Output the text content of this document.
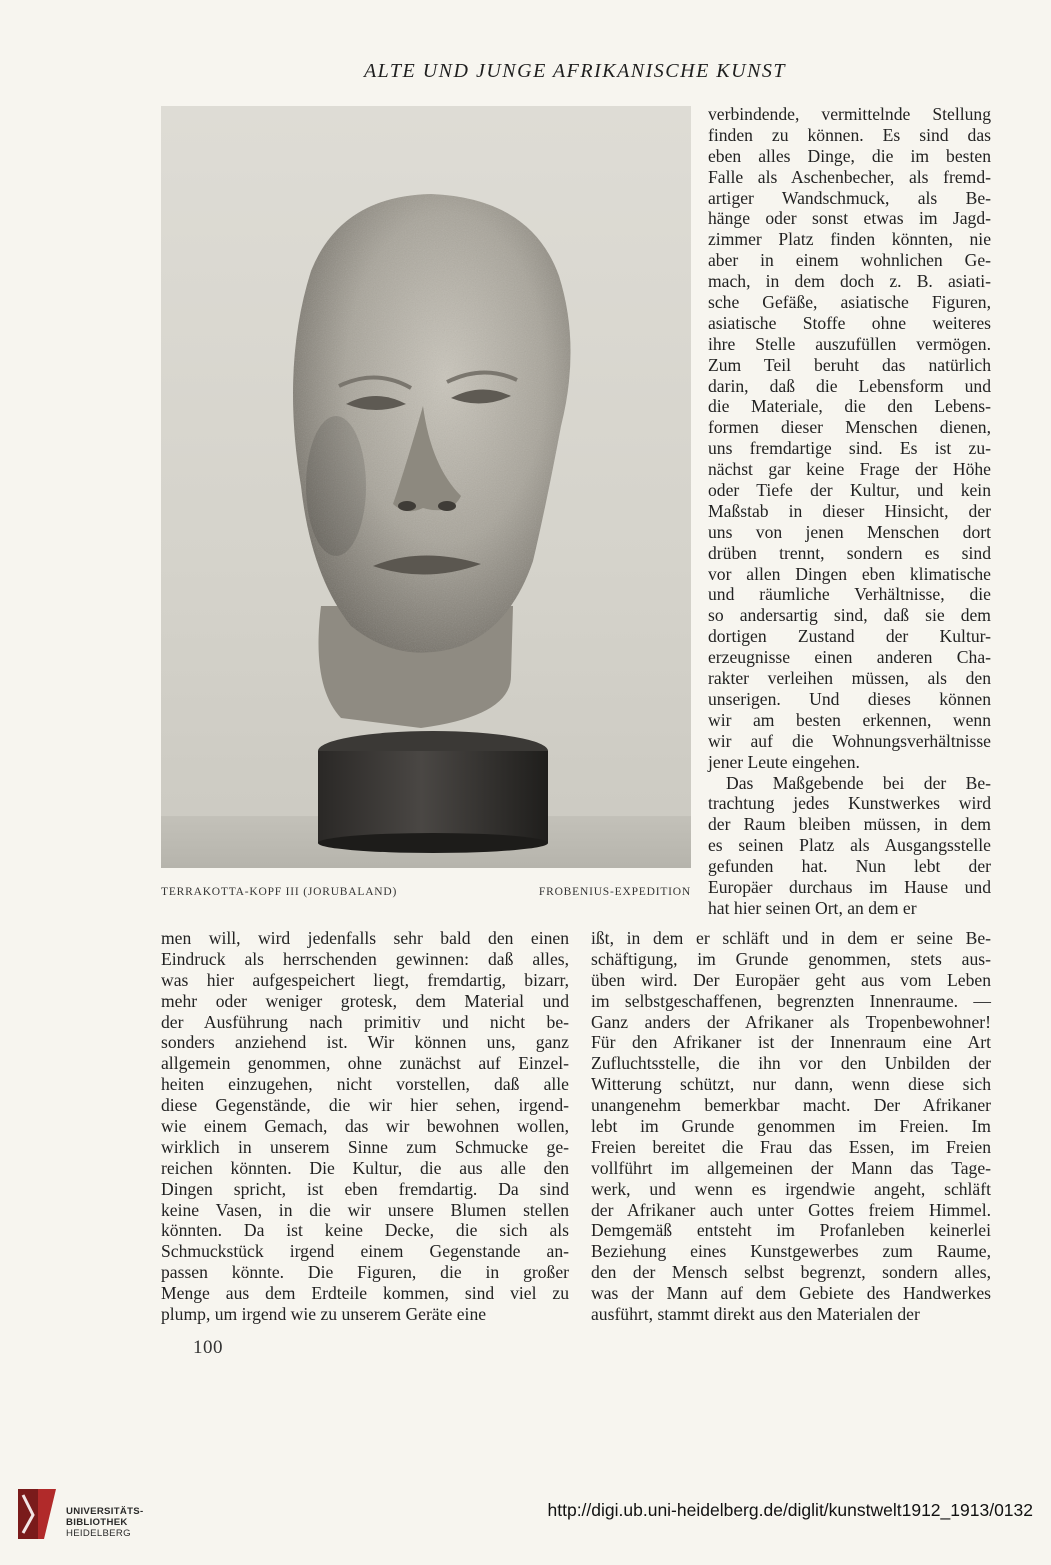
ALTE UND JUNGE AFRIKANISCHE KUNST
TERRAKOTTA-KOPF III (JORUBALAND)	FROBENIUS-EXPEDITION
verbindende, vermittelnde Stellung
finden zu können. Es sind das
eben alles Dinge, die im besten
Falle als Aschenbecher, als fremd-
artiger Wandschmuck, als Be-
hänge oder sonst etwas im Jagd-
zimmer Platz finden könnten, nie
aber in einem wohnlichen Ge-
mach, in dem doch z. B. asiati-
sche Gefäße, asiatische Figuren,
asiatische Stoffe ohne weiteres
ihre Stelle auszufüllen vermögen.
Zum Teil beruht das natürlich
darin, daß die Lebensform und
die Materiale, die den Lebens-
formen dieser Menschen dienen,
uns fremdartige sind. Es ist zu-
nächst gar keine Frage der Höhe
oder Tiefe der Kultur, und kein
Maßstab in dieser Hinsicht, der
uns von jenen Menschen dort
drüben trennt, sondern es sind
vor allen Dingen eben klimatische
und räumliche Verhältnisse, die
so andersartig sind, daß sie dem
dortigen Zustand der Kultur-
erzeugnisse einen anderen Cha-
rakter verleihen müssen, als den
unserigen. Und dieses können
wir am besten erkennen, wenn
wir auf die Wohnungsverhältnisse
jener Leute eingehen.
Das Maßgebende bei der Be-
trachtung jedes Kunstwerkes wird
der Raum bleiben müssen, in dem
es seinen Platz als Ausgangsstelle
gefunden hat. Nun lebt der
Europäer durchaus im Hause und
hat hier seinen Ort, an dem er
men will, wird jedenfalls sehr bald den einen
Eindruck als herrschenden gewinnen: daß alles,
was hier aufgespeichert liegt, fremdartig, bizarr,
mehr oder weniger grotesk, dem Material und
der Ausführung nach primitiv und nicht be-
sonders anziehend ist. Wir können uns, ganz
allgemein genommen, ohne zunächst auf Einzel-
heiten einzugehen, nicht vorstellen, daß alle
diese Gegenstände, die wir hier sehen, irgend-
wie einem Gemach, das wir bewohnen wollen,
wirklich in unserem Sinne zum Schmucke ge-
reichen könnten. Die Kultur, die aus alle den
Dingen spricht, ist eben fremdartig. Da sind
keine Vasen, in die wir unsere Blumen stellen
könnten. Da ist keine Decke, die sich als
Schmuckstück irgend einem Gegenstande an-
passen könnte. Die Figuren, die in großer
Menge aus dem Erdteile kommen, sind viel zu
plump, um irgend wie zu unserem Geräte eine
ißt, in dem er schläft und in dem er seine Be-
schäftigung, im Grunde genommen, stets aus-
üben wird. Der Europäer geht aus vom Leben
im selbstgeschaffenen, begrenzten Innenraume. —
Ganz anders der Afrikaner als Tropenbewohner!
Für den Afrikaner ist der Innenraum eine Art
Zufluchtsstelle, die ihn vor den Unbilden der
Witterung schützt, nur dann, wenn diese sich
unangenehm bemerkbar macht. Der Afrikaner
lebt im Grunde genommen im Freien. Im
Freien bereitet die Frau das Essen, im Freien
vollführt im allgemeinen der Mann das Tage-
werk, und wenn es irgendwie angeht, schläft
der Afrikaner auch unter Gottes freiem Himmel.
Demgemäß entsteht im Profanleben keinerlei
Beziehung eines Kunstgewerbes zum Raume,
den der Mensch selbst begrenzt, sondern alles,
was der Mann auf dem Gebiete des Handwerkes
ausführt, stammt direkt aus den Materialen der
100
UNIVERSITÄTS-
BIBLIOTHEK
HEIDELBERG
http://digi.ub.uni-heidelberg.de/diglit/kunstwelt1912_1913/0132
